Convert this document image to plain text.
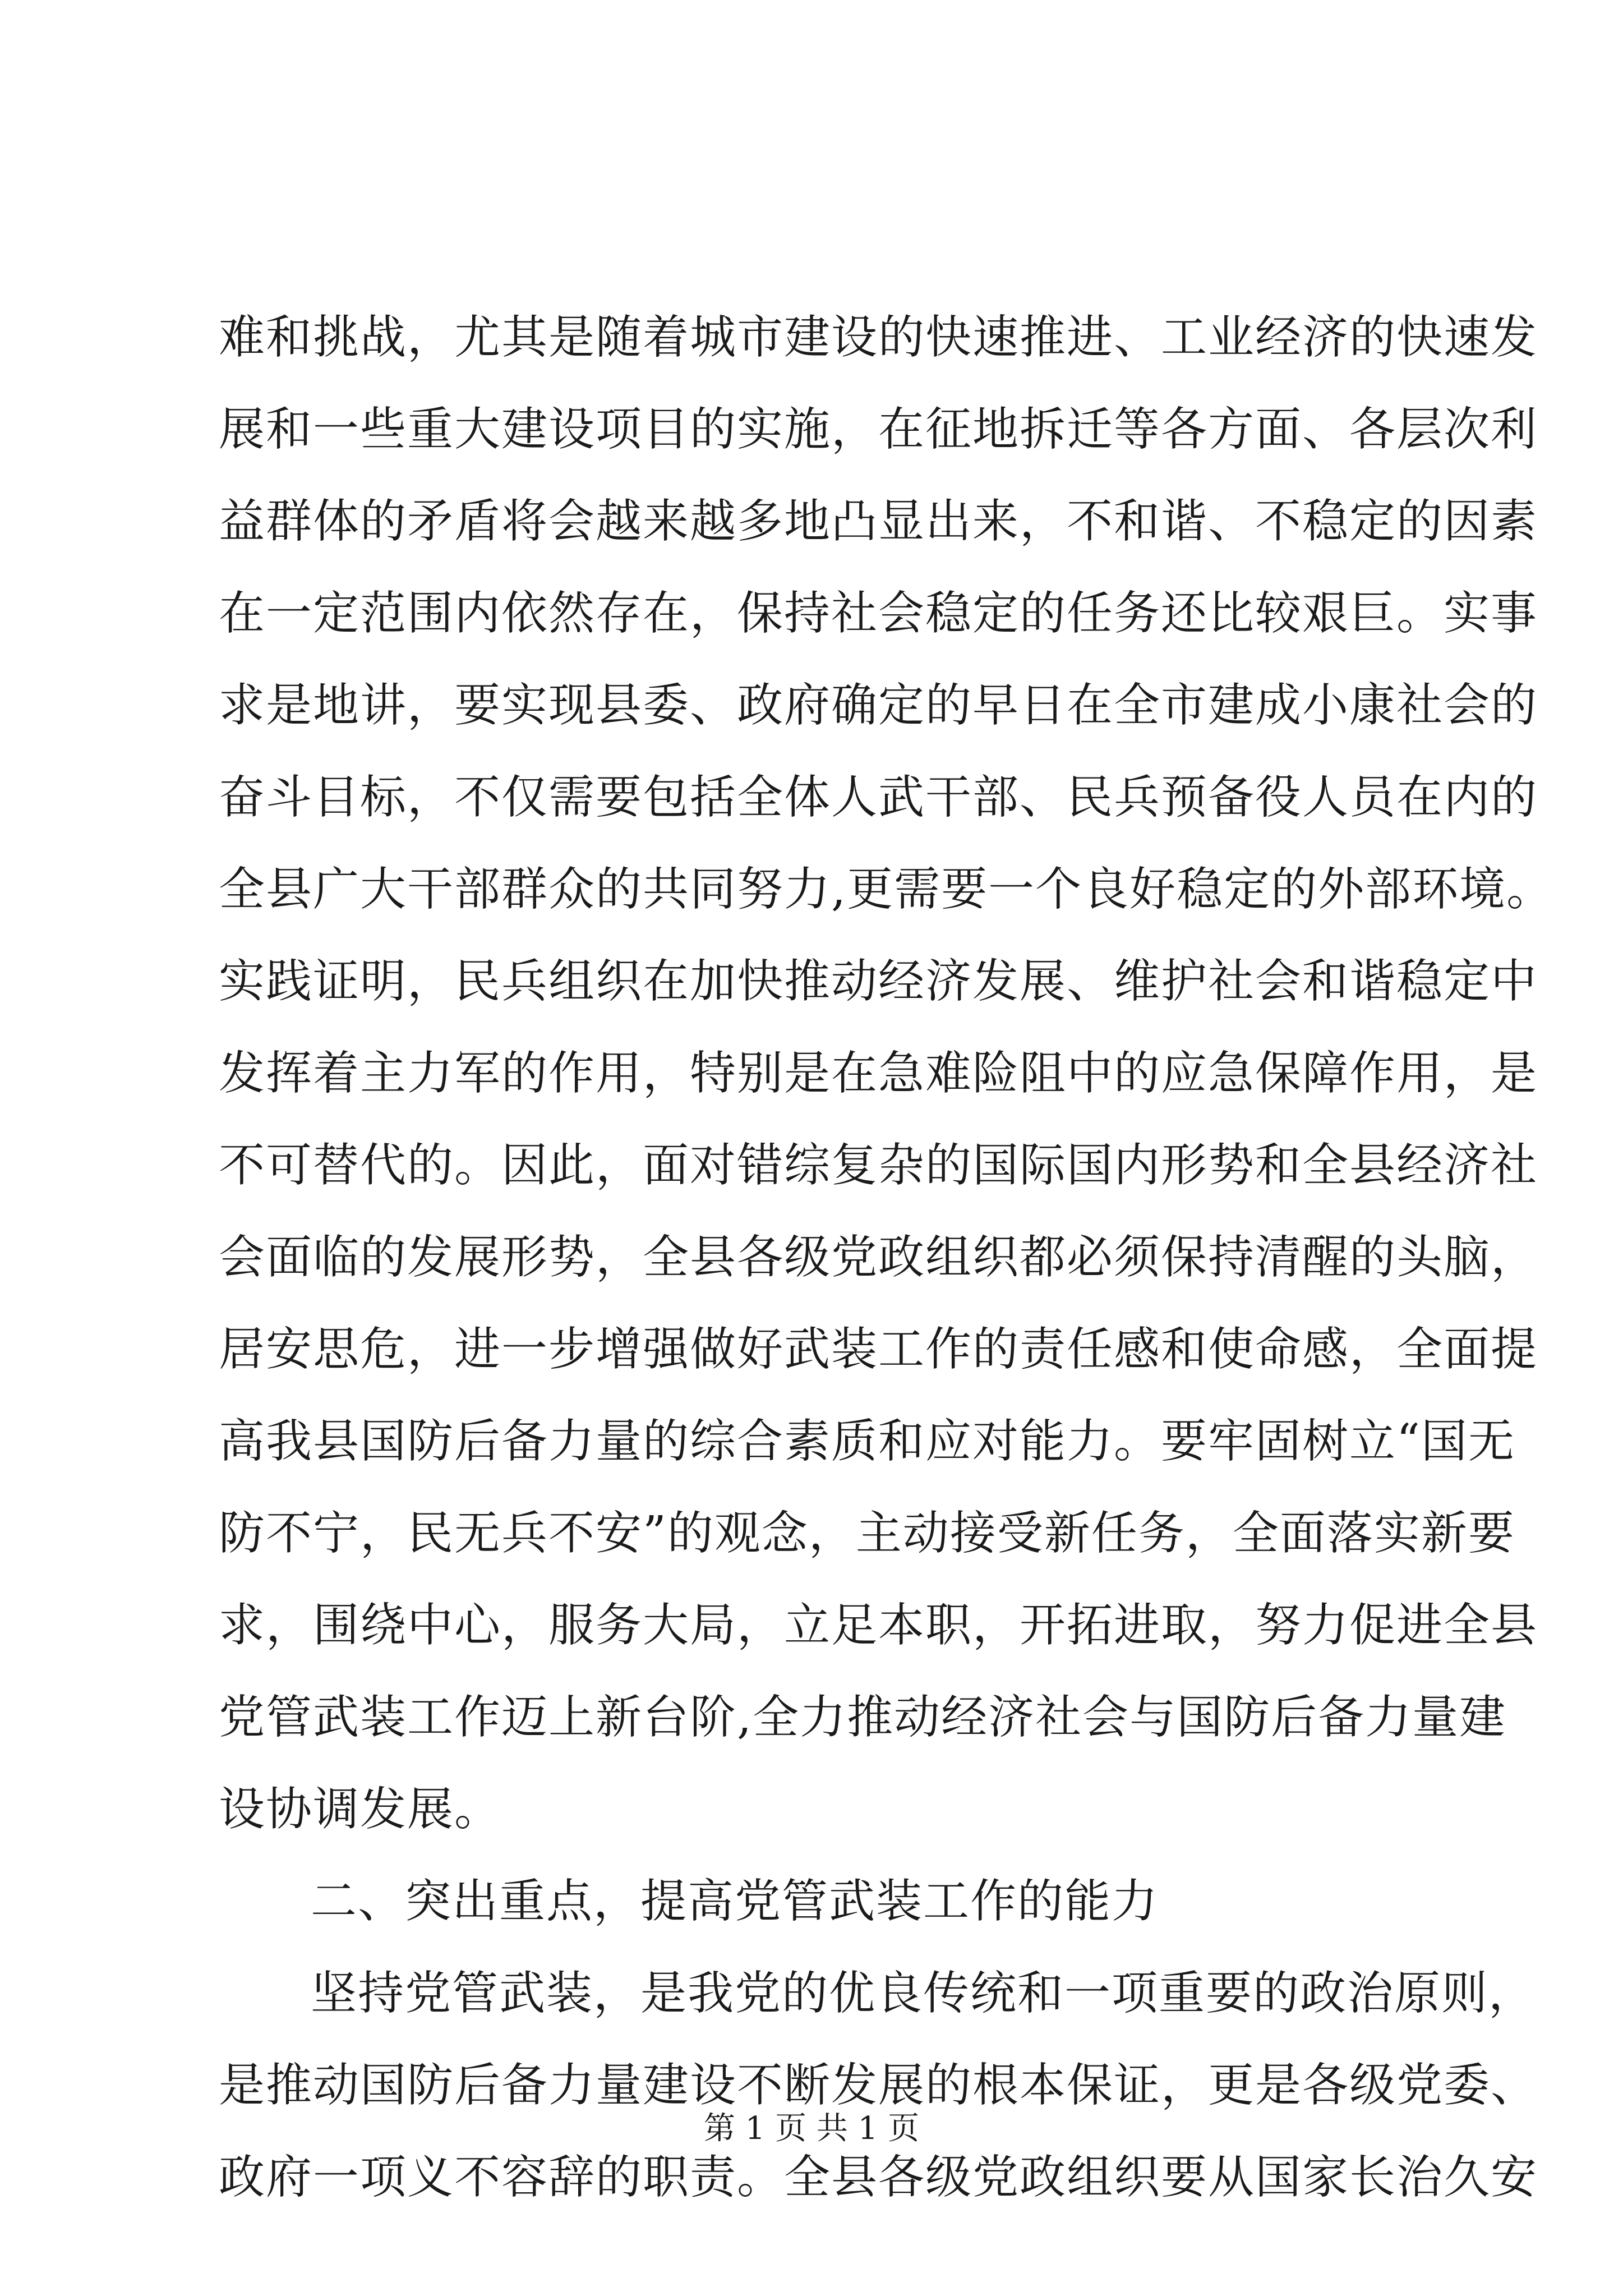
难和挑战，尤其是随着城市建设的快速推进、工业经济的快速发
展和一些重大建设项目的实施，在征地拆迁等各方面、各层次利
益群体的矛盾将会越来越多地凸显出来，不和谐、不稳定的因素
在一定范围内依然存在，保持社会稳定的任务还比较艰巨。实事
求是地讲，要实现县委、政府确定的早日在全市建成小康社会的
奋斗目标，不仅需要包括全体人武干部、民兵预备役人员在内的
全县广大干部群众的共同努力,更需要一个良好稳定的外部环境。
实践证明，民兵组织在加快推动经济发展、维护社会和谐稳定中
发挥着主力军的作用，特别是在急难险阻中的应急保障作用，是
不可替代的。因此，面对错综复杂的国际国内形势和全县经济社
会面临的发展形势，全县各级党政组织都必须保持清醒的头脑，
居安思危，进一步增强做好武装工作的责任感和使命感，全面提
高我县国防后备力量的综合素质和应对能力。要牢固树立“国无
防不宁，民无兵不安”的观念，主动接受新任务，全面落实新要
求，围绕中心，服务大局，立足本职，开拓进取，努力促进全县
党管武装工作迈上新台阶,全力推动经济社会与国防后备力量建
设协调发展。
二、突出重点，提高党管武装工作的能力
坚持党管武装，是我党的优良传统和一项重要的政治原则，
是推动国防后备力量建设不断发展的根本保证，更是各级党委、
政府一项义不容辞的职责。全县各级党政组织要从国家长治久安
第 1 页 共 1 页
